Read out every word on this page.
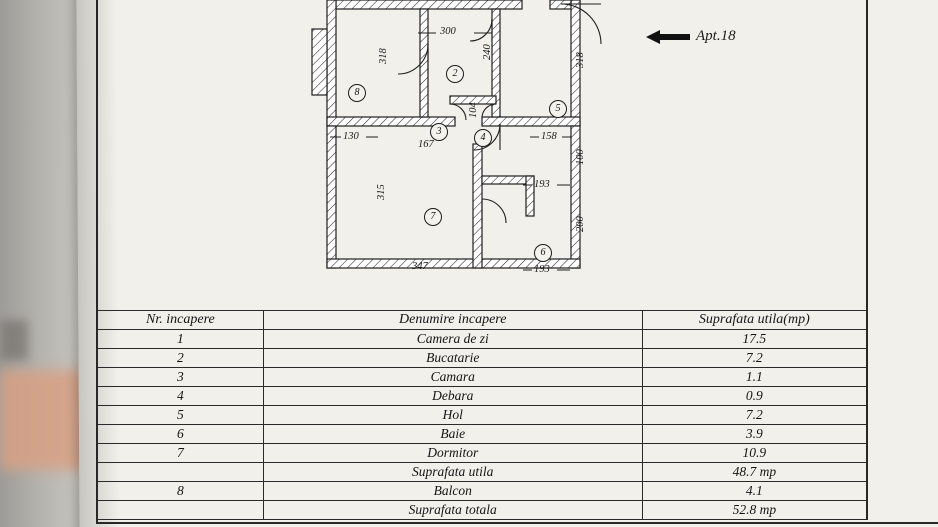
8
2
3
4
5
6
7
300
318	240
318
130
167
104
158
193
100
315
200
347	193
Apt.18
Nr. incapere	Denumire incapere	Suprafata utila(mp)
1	Camera de zi	17.5
2	Bucatarie	7.2
3	Camara	1.1
4	Debara	0.9
5	Hol	7.2
6	Baie	3.9
7	Dormitor	10.9
	Suprafata utila	48.7 mp
8	Balcon	4.1
	Suprafata totala	52.8 mp
